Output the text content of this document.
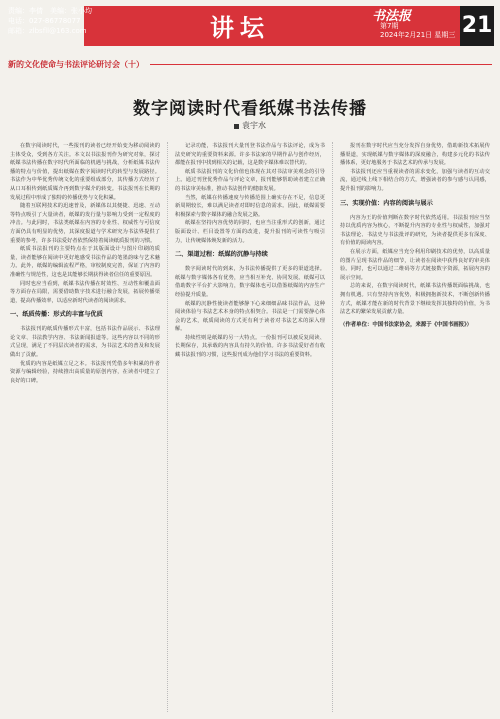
责编：李倩　美编：张小均
电话：027-86778077
邮箱：zlbsfll@163.com	讲坛	书法报
第7期
2024年2月21日 星期三 21
新的文化使命与书法评论研讨会（十）
数字阅读时代看纸媒书法传播
袁宇水

在数字阅读时代，一些报刊的读者已经开始变为移动阅读的主体受众，受到各方关注。本文以书法报刊作为研究对象，探讨纸媒书法传播在数字时代所面临的机遇与挑战，分析纸媒书法传播的特点与价值，提出纸媒在数字阅读时代的转型与发展路径。书法作为中华优秀传统文化的重要组成部分，其传播方式经历了从口耳相传到纸质媒介再到数字媒介的转变。书法报刊在长期的发展过程中形成了独特的传播优势与文化积累。

随着互联网技术的迅速普及，新媒体以其便捷、迅速、互动等特点吸引了大量读者，纸媒的发行量与影响力受到一定程度的冲击。与此同时，书法类纸媒在内容的专业性、权威性与可信度方面仍具有明显的优势，其深度报道与学术研究为书法界提供了重要的参考，许多书法爱好者依然保持着阅读纸质报刊的习惯。

纸质书法报刊的主要特点在于其版面设计与图片印刷的质量，读者能够在阅读中更好地感受书法作品的笔墨韵味与艺术魅力。此外，纸媒的编辑流程严格，审校制度完善，保证了内容的准确性与规范性，这也是其能够长期获得读者信任的重要原因。

同时也应当看到，纸媒书法传播在时效性、互动性和覆盖面等方面存在局限，需要借助数字技术进行融合发展，拓展传播渠道，提高传播效率，以适应新时代读者的阅读需求。

一、纸质传播：形式的丰富与优质

书法报刊的纸质传播形式丰富，包括书法作品展示、书法理论文章、书法教学内容、书法新闻报道等。这些内容以不同的形式呈现，满足了不同层次读者的需求，为书法艺术的普及和发展做出了贡献。

优质的内容是纸媒立足之本。书法报刊凭借多年积累的作者资源与编辑经验，持续推出高质量的原创内容，在读者中建立了良好的口碑。

记录功能，书法报刊大量刊登书法作品与书法评论，成为书法史研究的重要资料来源。许多书法家的早期作品与创作经历，都能在报刊中找到相关的记载，这是数字媒体难以替代的。

纸质书法报刊的文化价值也体现在其对书法审美观念的引导上。通过刊登优秀作品与评论文章，报刊能够帮助读者建立正确的书法审美标准，推动书法创作的健康发展。

当然，纸媒在传播速度与传播范围上确实存在不足，信息更新周期较长，难以满足读者对即时信息的需求。因此，纸媒需要积极探索与数字媒体的融合发展之路。

纸媒在坚持内容优势的同时，也应当注重形式的创新，通过版面设计、栏目设置等方面的改进，提升报刊的可读性与吸引力，让传统媒体焕发新的活力。

二、渠道过程：纸媒的沉静与持续

数字阅读时代的到来，为书法传播提供了更多的渠道选择。纸媒与数字媒体各有优势，应当相互补充、协同发展。纸媒可以借助数字平台扩大影响力，数字媒体也可以借鉴纸媒的内容生产经验提升质量。

纸媒的沉静性使读者能够静下心来细细品味书法作品，这种阅读体验与书法艺术本身的特点相契合。书法是一门需要静心体会的艺术，纸质阅读的方式更有利于读者对书法艺术的深入理解。

持续性则是纸媒的另一大特点。一份报刊可以被反复阅读、长期保存，其承载的内容具有持久的价值。许多书法爱好者有收藏书法报刊的习惯，这些报刊成为他们学习书法的重要资料。

报刊在数字时代应当充分发挥自身优势，借助新技术拓展传播渠道，实现纸媒与数字媒体的深度融合，构建多元化的书法传播体系，更好地服务于书法艺术的传承与发展。

书法报刊还应当重视读者的需求变化，加强与读者的互动交流，通过线上线下相结合的方式，增强读者的参与感与认同感，提升报刊的影响力。

三、实现价值：内容的阅读与展示

内容为王的价值判断在数字时代依然适用。书法报刊应当坚持以优质内容为核心，不断提升内容的专业性与权威性，加强对书法理论、书法史与书法批评的研究，为读者提供更多有深度、有价值的阅读内容。

在展示方面，纸媒应当充分利用印刷技术的优势，以高质量的图片呈现书法作品的细节，让读者在阅读中获得良好的审美体验。同时，也可以通过二维码等方式链接数字资源，拓展内容的展示空间。

总的来说，在数字阅读时代，纸媒书法传播既面临挑战，也拥有机遇。只有坚持内容优势，积极拥抱新技术，不断创新传播方式，纸媒才能在新的时代背景下继续发挥其独特的价值，为书法艺术的繁荣发展贡献力量。

（作者单位：中国书法家协会，来源于《中国书画报》）
